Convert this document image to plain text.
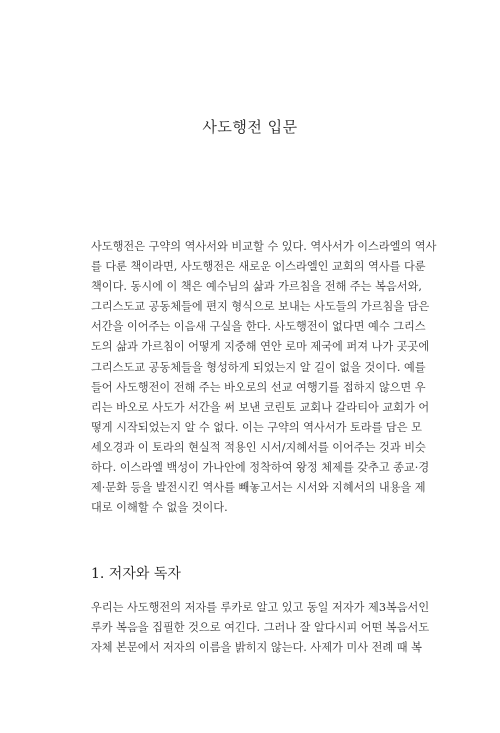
사도행전 입문
사도행전은 구약의 역사서와 비교할 수 있다. 역사서가 이스라엘의 역사
를 다룬 책이라면, 사도행전은 새로운 이스라엘인 교회의 역사를 다룬
책이다. 동시에 이 책은 예수님의 삶과 가르침을 전해 주는 복음서와,
그리스도교 공동체들에 편지 형식으로 보내는 사도들의 가르침을 담은
서간을 이어주는 이음새 구실을 한다. 사도행전이 없다면 예수 그리스
도의 삶과 가르침이 어떻게 지중해 연안 로마 제국에 퍼져 나가 곳곳에
그리스도교 공동체들을 형성하게 되었는지 알 길이 없을 것이다. 예를
들어 사도행전이 전해 주는 바오로의 선교 여행기를 접하지 않으면 우
리는 바오로 사도가 서간을 써 보낸 코린토 교회나 갈라티아 교회가 어
떻게 시작되었는지 알 수 없다. 이는 구약의 역사서가 토라를 담은 모
세오경과 이 토라의 현실적 적용인 시서/지혜서를 이어주는 것과 비슷
하다. 이스라엘 백성이 가나안에 정착하여 왕정 체제를 갖추고 종교·경
제·문화 등을 발전시킨 역사를 빼놓고서는 시서와 지혜서의 내용을 제
대로 이해할 수 없을 것이다.
1. 저자와 독자
우리는 사도행전의 저자를 루카로 알고 있고 동일 저자가 제3복음서인
루카 복음을 집필한 것으로 여긴다. 그러나 잘 알다시피 어떤 복음서도
자체 본문에서 저자의 이름을 밝히지 않는다. 사제가 미사 전례 때 복
